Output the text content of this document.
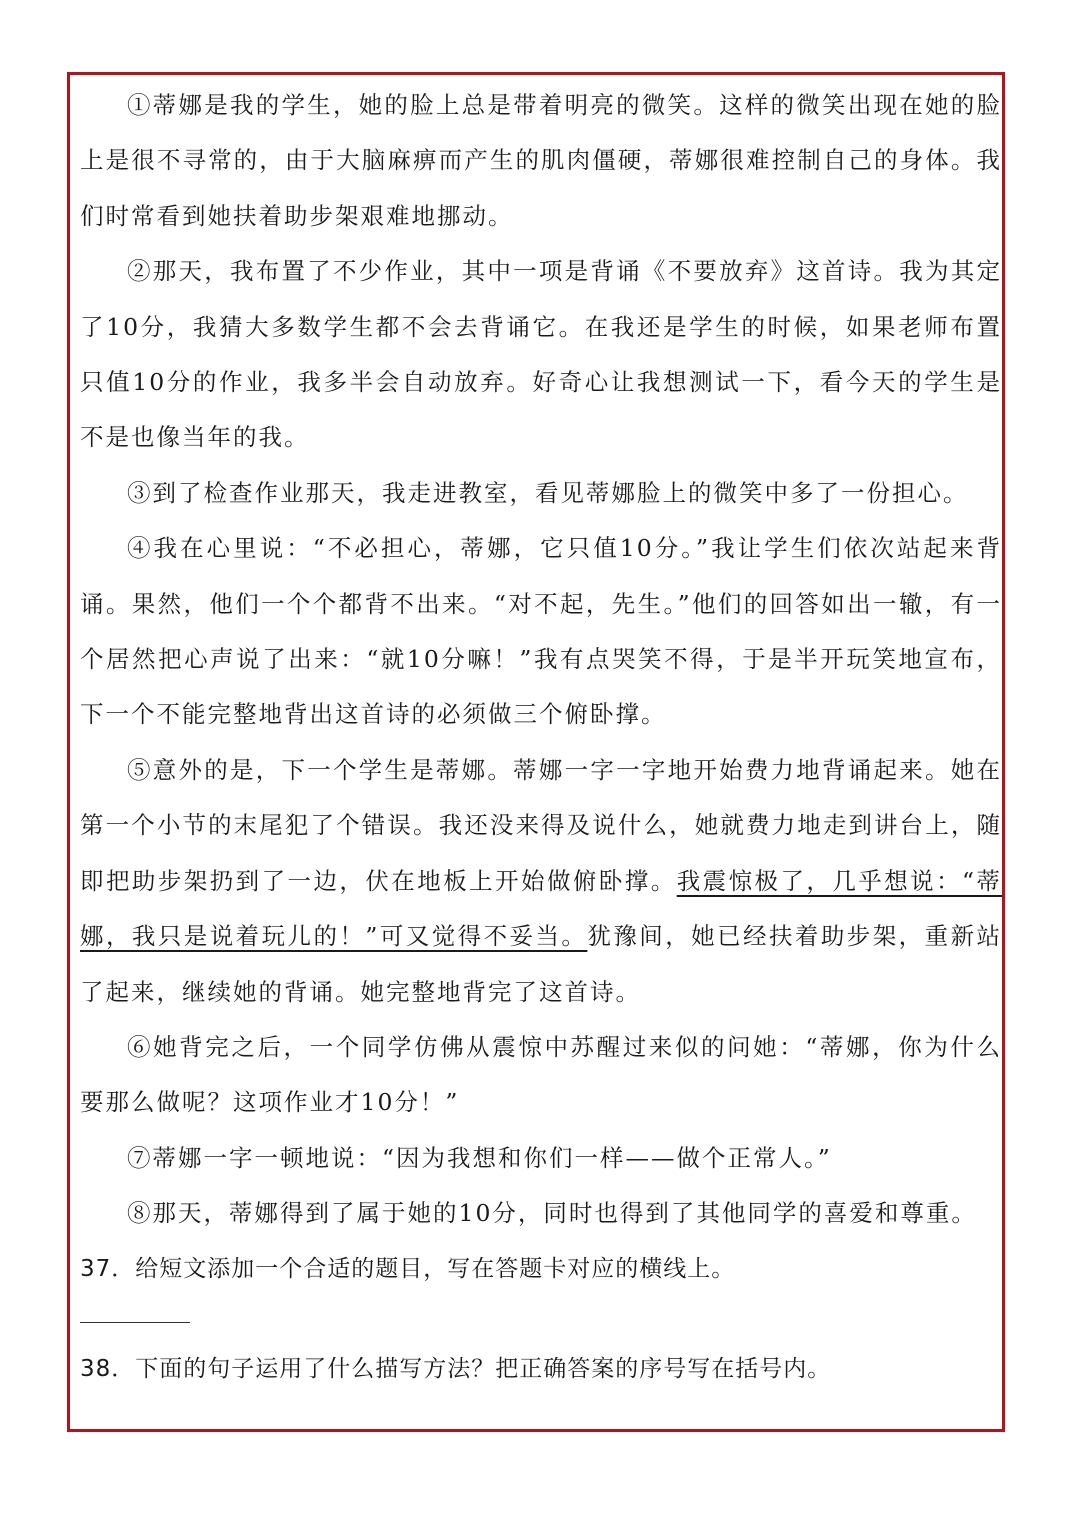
①蒂娜是我的学生，她的脸上总是带着明亮的微笑。这样的微笑出现在她的脸上是很不寻常的，由于大脑麻痹而产生的肌肉僵硬，蒂娜很难控制自己的身体。我们时常看到她扶着助步架艰难地挪动。

②那天，我布置了不少作业，其中一项是背诵《不要放弃》这首诗。我为其定了10分，我猜大多数学生都不会去背诵它。在我还是学生的时候，如果老师布置只值10分的作业，我多半会自动放弃。好奇心让我想测试一下，看今天的学生是不是也像当年的我。

③到了检查作业那天，我走进教室，看见蒂娜脸上的微笑中多了一份担心。

④我在心里说：“不必担心，蒂娜，它只值10分。”我让学生们依次站起来背诵。果然，他们一个个都背不出来。“对不起，先生。”他们的回答如出一辙，有一个居然把心声说了出来：“就10分嘛！”我有点哭笑不得，于是半开玩笑地宣布，下一个不能完整地背出这首诗的必须做三个俯卧撑。

⑤意外的是，下一个学生是蒂娜。蒂娜一字一字地开始费力地背诵起来。她在第一个小节的末尾犯了个错误。我还没来得及说什么，她就费力地走到讲台上，随即把助步架扔到了一边，伏在地板上开始做俯卧撑。我震惊极了，几乎想说：“蒂娜，我只是说着玩儿的！”可又觉得不妥当。犹豫间，她已经扶着助步架，重新站了起来，继续她的背诵。她完整地背完了这首诗。

⑥她背完之后，一个同学仿佛从震惊中苏醒过来似的问她：“蒂娜，你为什么要那么做呢？这项作业才10分！”

⑦蒂娜一字一顿地说：“因为我想和你们一样——做个正常人。”

⑧那天，蒂娜得到了属于她的10分，同时也得到了其他同学的喜爱和尊重。

37．给短文添加一个合适的题目，写在答题卡对应的横线上。

38．下面的句子运用了什么描写方法？把正确答案的序号写在括号内。
